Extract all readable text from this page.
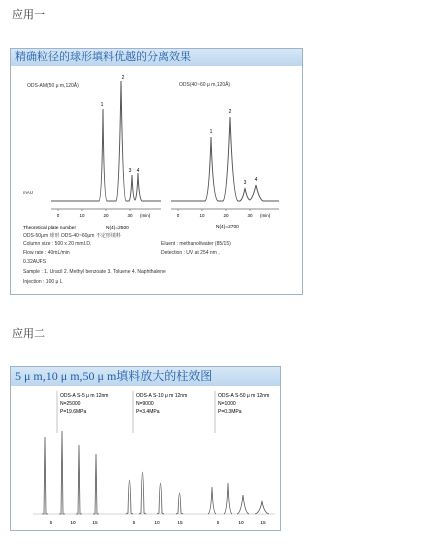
应用一
精确粒径的球形填料优越的分离效果
ODS-AM(50 μ m,120Å)
mAU
0	10	20	30 (min)
1
2
3 4
ODS(40~60 μ m,120Å)
0	10	20	30 (min)
1
2
3 4
Theoretical plate number	N(4)=2500	N(4)=2700
ODS-50μm 球形 ODS-40~60μm 不定形填料
Column size : 500 x 20 mmI.D.	Eluent : methanol/water (85/15)
Flow rate : 40mL/min	Detection : UV at 254 nm ,
0.32AUFS
Sample : 1. Uracil 2. Methyl benzoate 3. Toluene 4. Naphthalene
Injection : 100 μ L
应用二
5 μ m,10 μ m,50 μ m填料放大的柱效图
ODS-A S-5 μ m 12nm
N=25000
P=19.6MPa
ODS-A S-10 μ m 12nm
N=9000
P=3.4MPa
ODS-A S-50 μ m 12nm
N=1000
P=0.3MPa
5	10	15	5	10	15	5	10	15
